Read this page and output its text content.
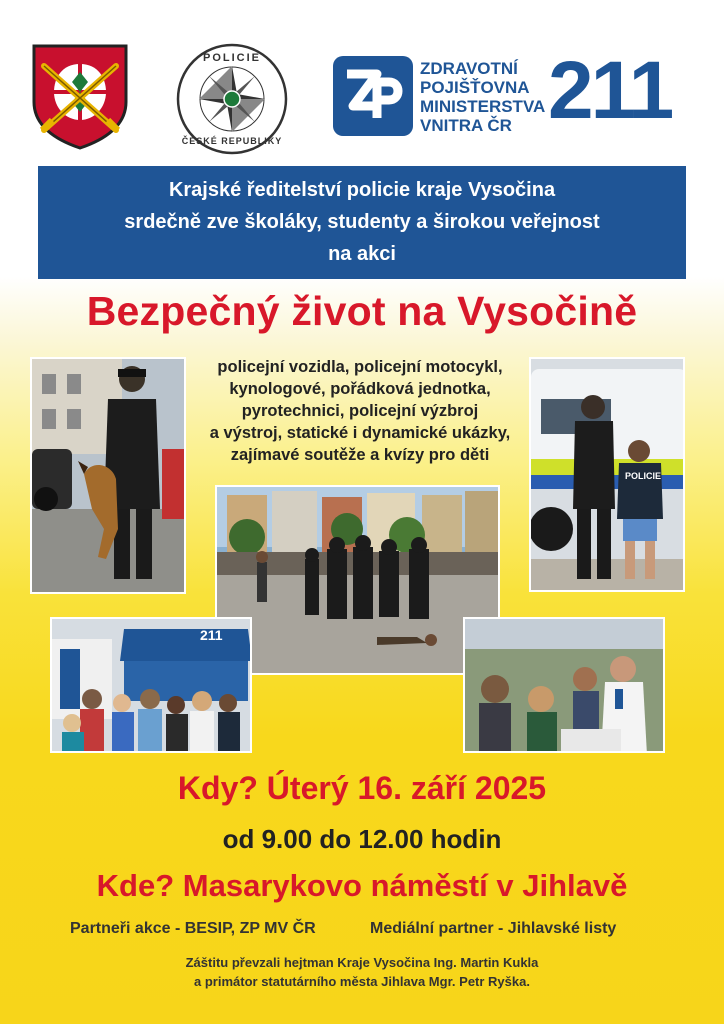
POLICIE
ČESKÉ REPUBLIKY
ZDRAVOTNÍ
POJIŠŤOVNA
MINISTERSTVA
VNITRA ČR 211
Krajské ředitelství policie kraje Vysočina
srdečně zve školáky, studenty a širokou veřejnost
na akci
Bezpečný život na Vysočině
policejní vozidla, policejní motocykl,
kynologové, pořádková jednotka,
pyrotechnici, policejní výzbroj
a výstroj, statické i dynamické ukázky,
zajímavé soutěže a kvízy pro děti
POLICIE
211
Kdy? Úterý 16. září 2025
od 9.00 do 12.00 hodin
Kde? Masarykovo náměstí v Jihlavě
Partneři akce - BESIP, ZP MV ČR	Mediální partner - Jihlavské listy
Záštitu převzali hejtman Kraje Vysočina Ing. Martin Kukla
a primátor statutárního města Jihlava Mgr. Petr Ryška.
